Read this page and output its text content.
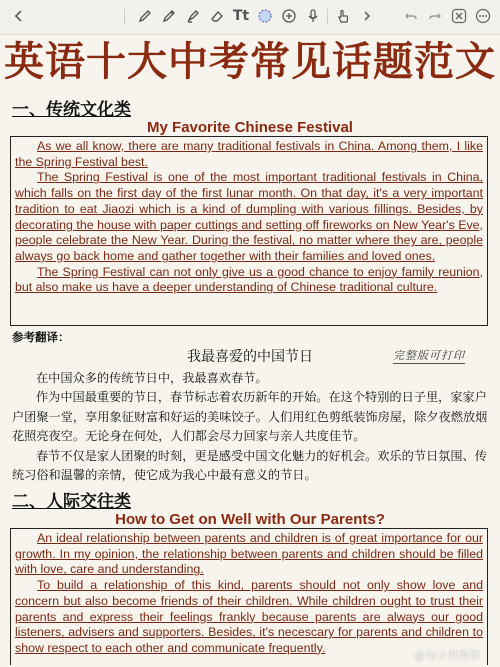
Tt
英语十大中考常见话题范文
一、传统文化类
My Favorite Chinese Festival

As we all know, there are many traditional festivals in China. Among them, I like the Spring Festival best.

The Spring Festival is one of the most important traditional festivals in China, which falls on the first day of the first lunar month. On that day, it's a very important tradition to eat Jiaozi which is a kind of dumpling with various fillings. Besides, by decorating the house with paper cuttings and setting off fireworks on New Year's Eve, people celebrate the New Year. During the festival, no matter where they are, people always go back home and gather together with their families and loved ones.

The Spring Festival can not only give us a good chance to enjoy family reunion, but also make us have a deeper understanding of Chinese traditional culture.

参考翻译：
我最喜爱的中国节日	完整版可打印

在中国众多的传统节日中，我最喜欢春节。

作为中国最重要的节日，春节标志着农历新年的开始。在这个特别的日子里，家家户户团聚一堂，享用象征财富和好运的美味饺子。人们用红色剪纸装饰房屋，除夕夜燃放烟花照亮夜空。无论身在何处，人们都会尽力回家与亲人共度佳节。

春节不仅是家人团聚的时刻，更是感受中国文化魅力的好机会。欢乐的节日氛围、传统习俗和温馨的亲情，使它成为我心中最有意义的节日。

二、人际交往类
How to Get on Well with Our Parents?

An ideal relationship between parents and children is of great importance for our growth. In my opinion, the relationship between parents and children should be filled with love, care and understanding.

To build a relationship of this kind, parents should not only show love and concern but also become friends of their children. While children ought to trust their parents and express their feelings frankly because parents are always our good listeners, advisers and supporters. Besides, it's necescary for parents and children to show respect to each other and communicate frequently.

@句子君英语
